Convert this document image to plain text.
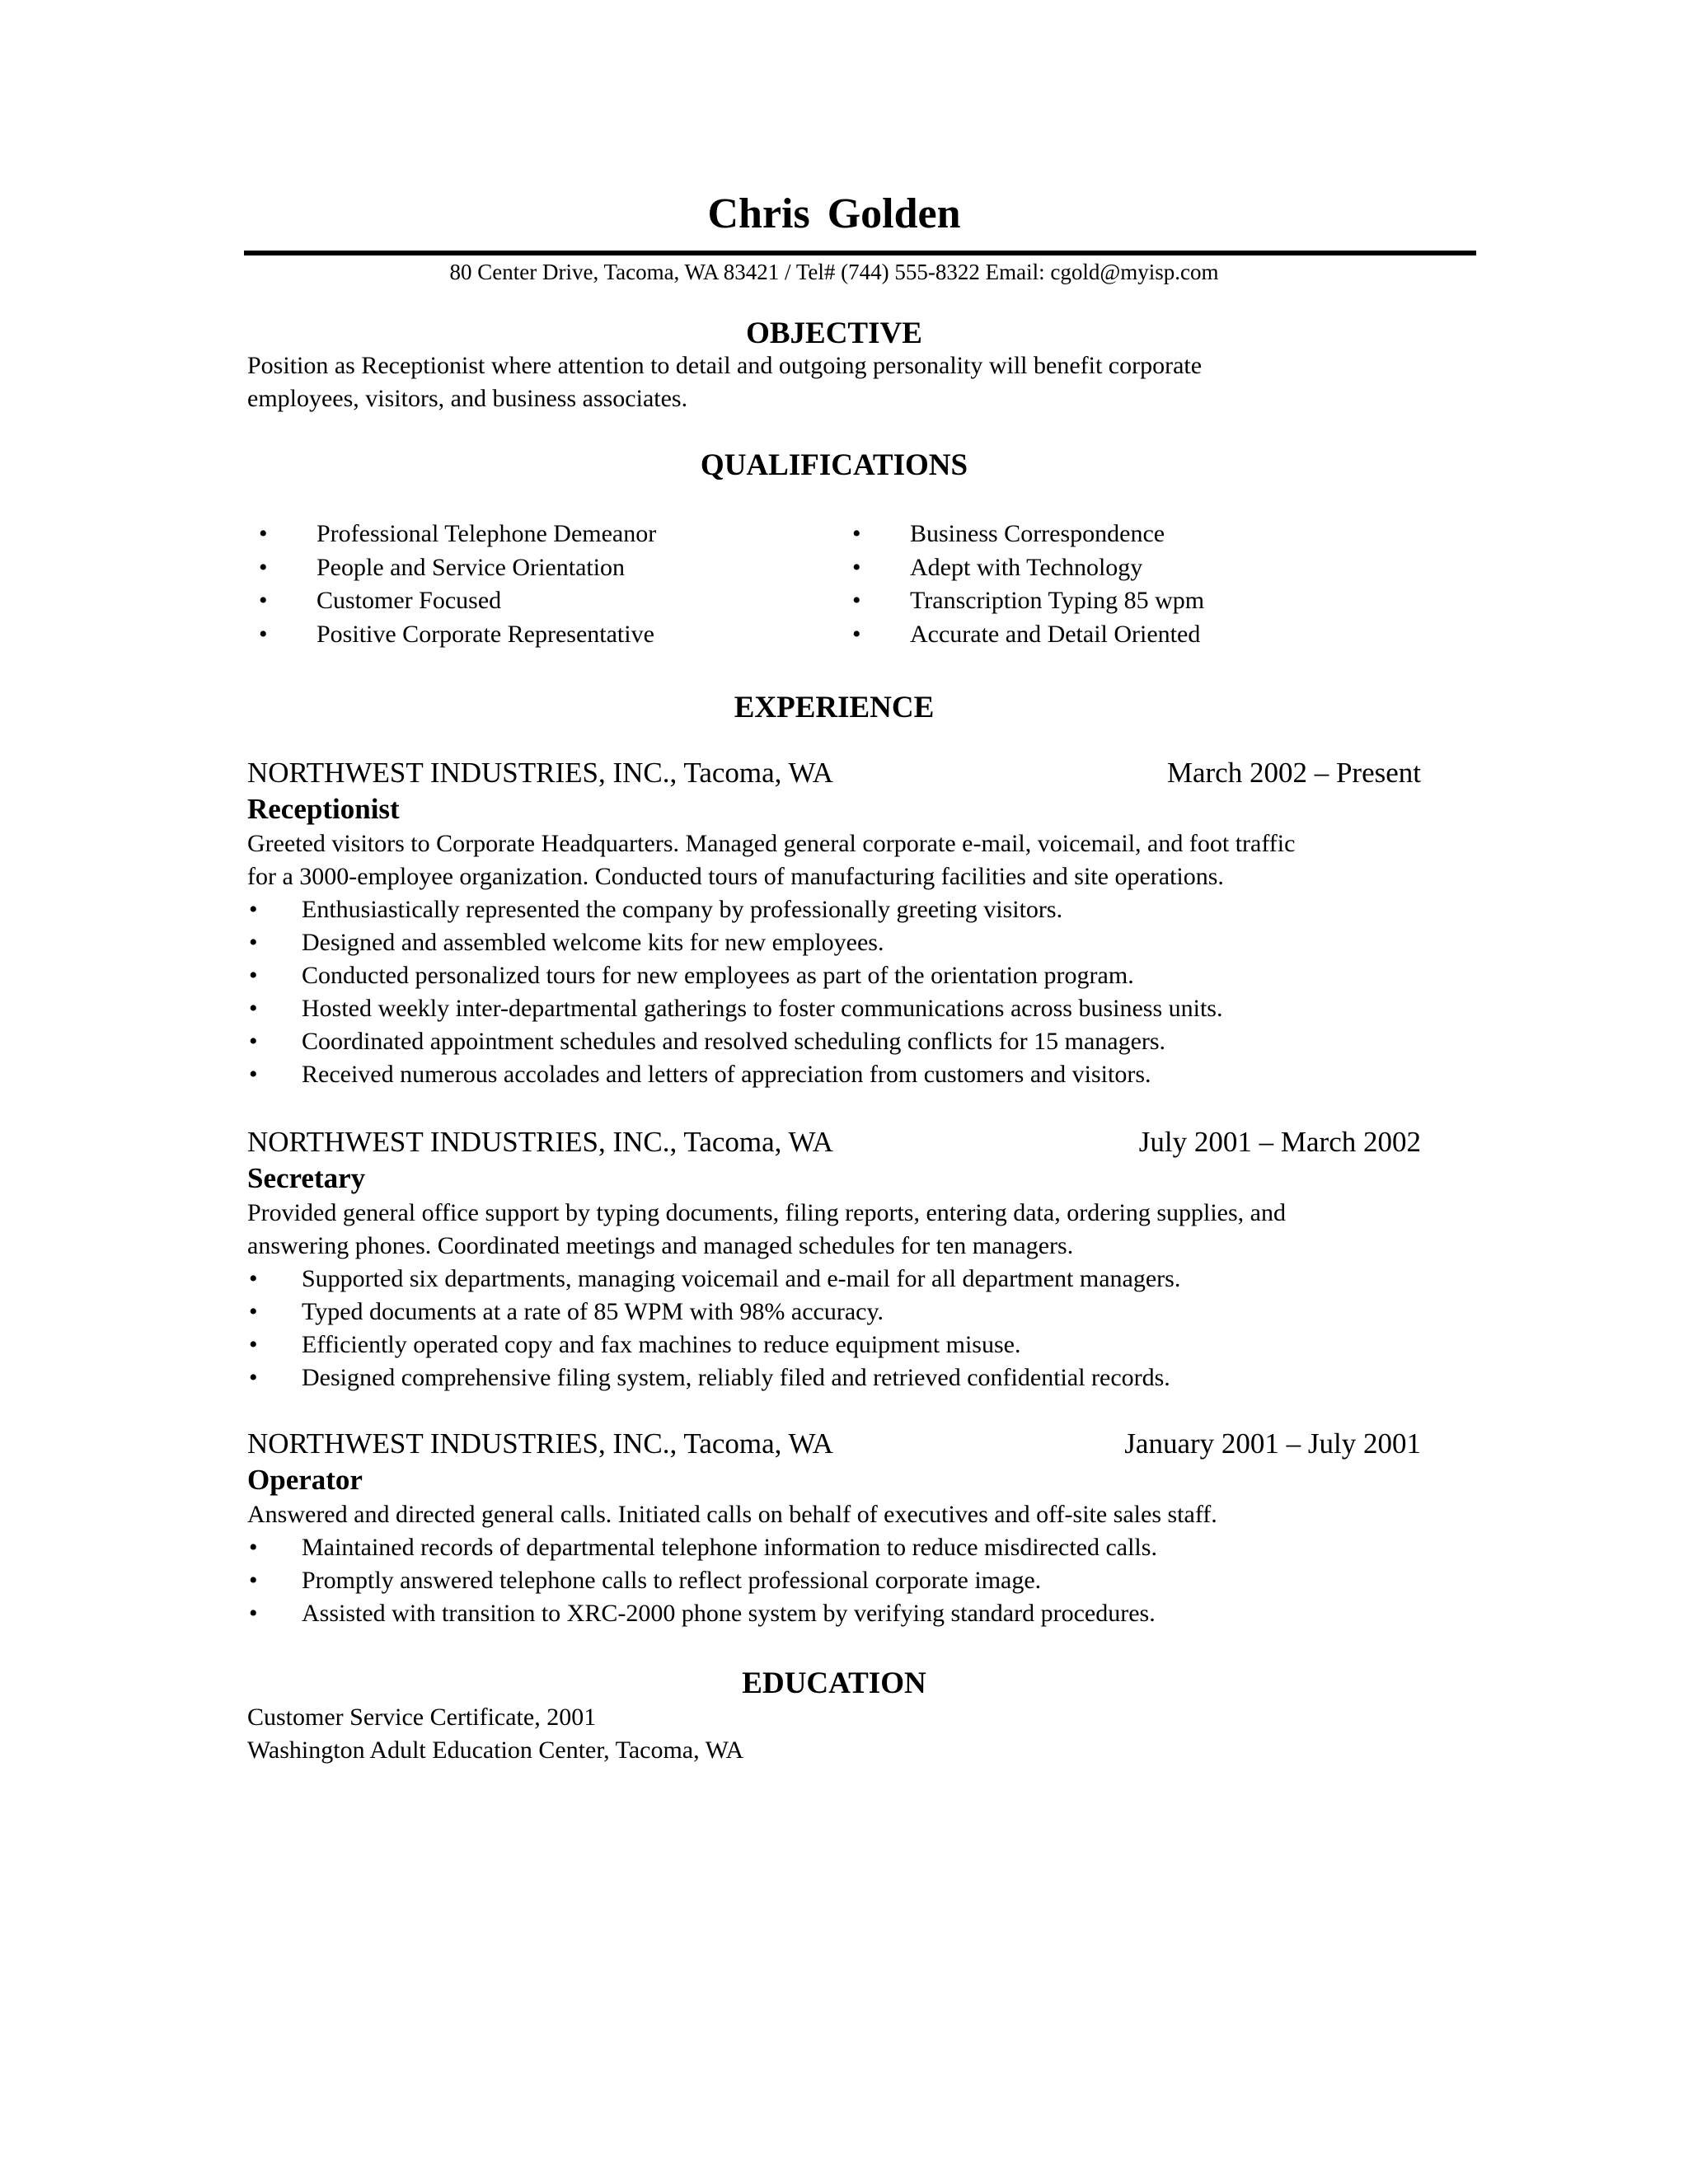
Chris Golden
80 Center Drive, Tacoma, WA 83421 / Tel# (744) 555-8322 Email: cgold@myisp.com
OBJECTIVE

Position as Receptionist where attention to detail and outgoing personality will benefit corporate

employees, visitors, and business associates.

QUALIFICATIONS
• Professional Telephone Demeanor
• People and Service Orientation
• Customer Focused
• Positive Corporate Representative
• Business Correspondence
• Adept with Technology
• Transcription Typing 85 wpm
• Accurate and Detail Oriented
EXPERIENCE
NORTHWEST INDUSTRIES, INC., Tacoma, WA	March 2002 – Present
Receptionist
Greeted visitors to Corporate Headquarters. Managed general corporate e-mail, voicemail, and foot traffic
for a 3000-employee organization. Conducted tours of manufacturing facilities and site operations.
• Enthusiastically represented the company by professionally greeting visitors.
• Designed and assembled welcome kits for new employees.
• Conducted personalized tours for new employees as part of the orientation program.
• Hosted weekly inter-departmental gatherings to foster communications across business units.
• Coordinated appointment schedules and resolved scheduling conflicts for 15 managers.
• Received numerous accolades and letters of appreciation from customers and visitors.
NORTHWEST INDUSTRIES, INC., Tacoma, WA	July 2001 – March 2002
Secretary
Provided general office support by typing documents, filing reports, entering data, ordering supplies, and
answering phones. Coordinated meetings and managed schedules for ten managers.
• Supported six departments, managing voicemail and e-mail for all department managers.
• Typed documents at a rate of 85 WPM with 98% accuracy.
• Efficiently operated copy and fax machines to reduce equipment misuse.
• Designed comprehensive filing system, reliably filed and retrieved confidential records.
NORTHWEST INDUSTRIES, INC., Tacoma, WA	January 2001 – July 2001
Operator
Answered and directed general calls. Initiated calls on behalf of executives and off-site sales staff.
• Maintained records of departmental telephone information to reduce misdirected calls.
• Promptly answered telephone calls to reflect professional corporate image.
• Assisted with transition to XRC-2000 phone system by verifying standard procedures.
EDUCATION

Customer Service Certificate, 2001

Washington Adult Education Center, Tacoma, WA
